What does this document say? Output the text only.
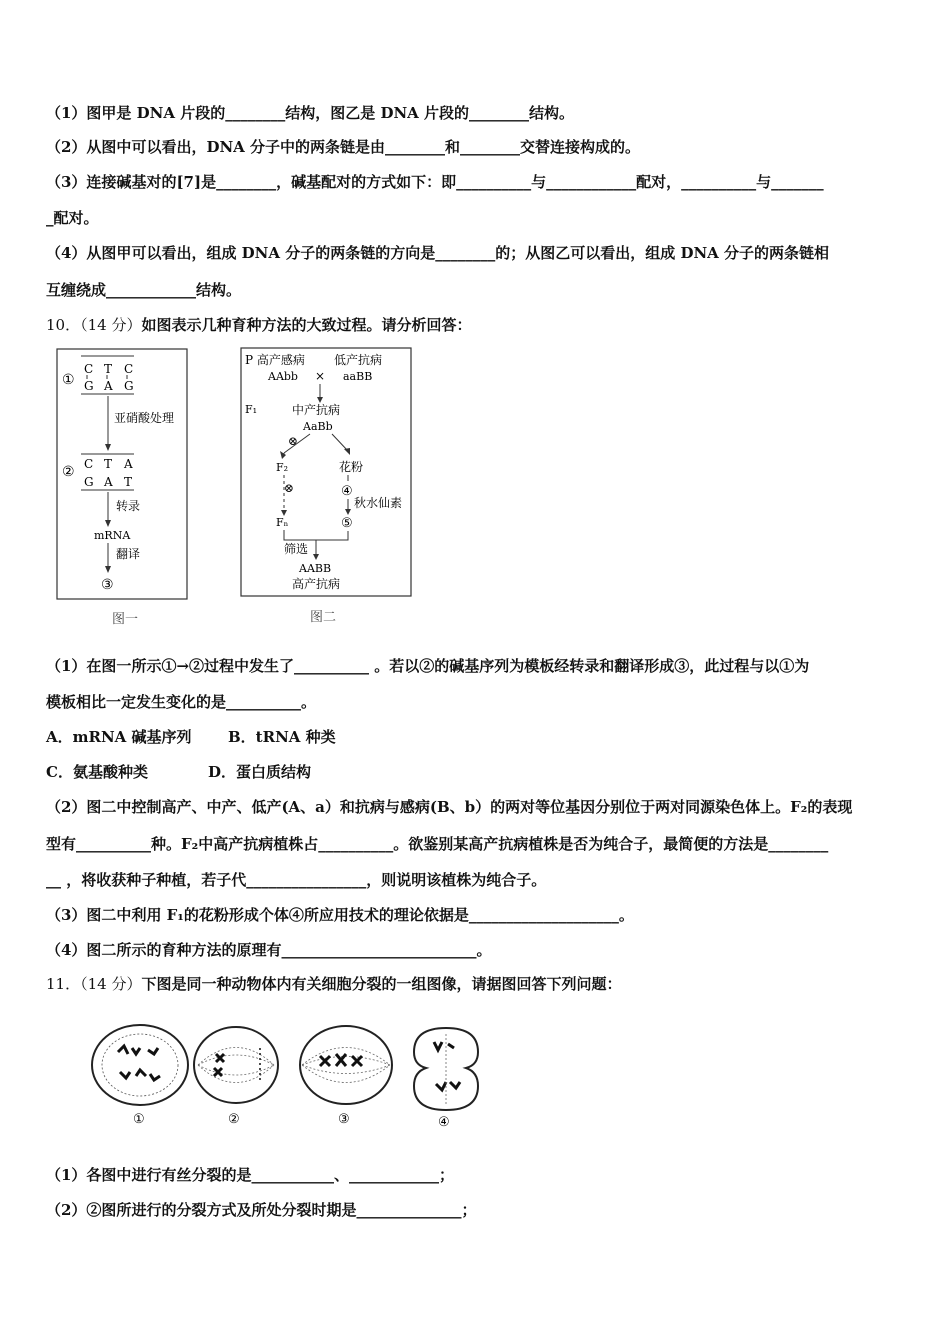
（1）图甲是 DNA 片段的________结构，图乙是 DNA 片段的________结构。
（2）从图中可以看出，DNA 分子中的两条链是由________和________交替连接构成的。
（3）连接碱基对的[7]是________，碱基配对的方式如下：即__________与____________配对，__________与_______
_配对。
（4）从图甲可以看出，组成 DNA 分子的两条链的方向是________的；从图乙可以看出，组成 DNA 分子的两条链相
互缠绕成____________结构。
10．（14 分）如图表示几种育种方法的大致过程。请分析回答：
①
C T C
G A G
亚硝酸处理
② C T A
G A T
转录
mRNA
翻译
③
图一
P 高产感病 低产抗病
AAbb × aaBB
F₁	中产抗病
AaBb
⊗
F₂	花粉
⊗	④
秋水仙素
Fₙ	⑤
筛选
AABB
高产抗病
图二
（1）在图一所示①→②过程中发生了__________ 。若以②的碱基序列为模板经转录和翻译形成③，此过程与以①为
模板相比一定发生变化的是__________。
A．mRNA 碱基序列 B．tRNA 种类
C．氨基酸种类	D．蛋白质结构
（2）图二中控制高产、中产、低产(A、a）和抗病与感病(B、b）的两对等位基因分别位于两对同源染色体上。F₂的表现
型有__________种。F₂中高产抗病植株占__________。欲鉴别某高产抗病植株是否为纯合子，最简便的方法是________
__ ，将收获种子种植，若子代________________，则说明该植株为纯合子。
（3）图二中利用 F₁的花粉形成个体④所应用技术的理论依据是____________________。
（4）图二所示的育种方法的原理有__________________________。
11．（14 分）下图是同一种动物体内有关细胞分裂的一组图像，请据图回答下列问题：
①	②	③	④
（1）各图中进行有丝分裂的是___________、____________；
（2）②图所进行的分裂方式及所处分裂时期是______________；
